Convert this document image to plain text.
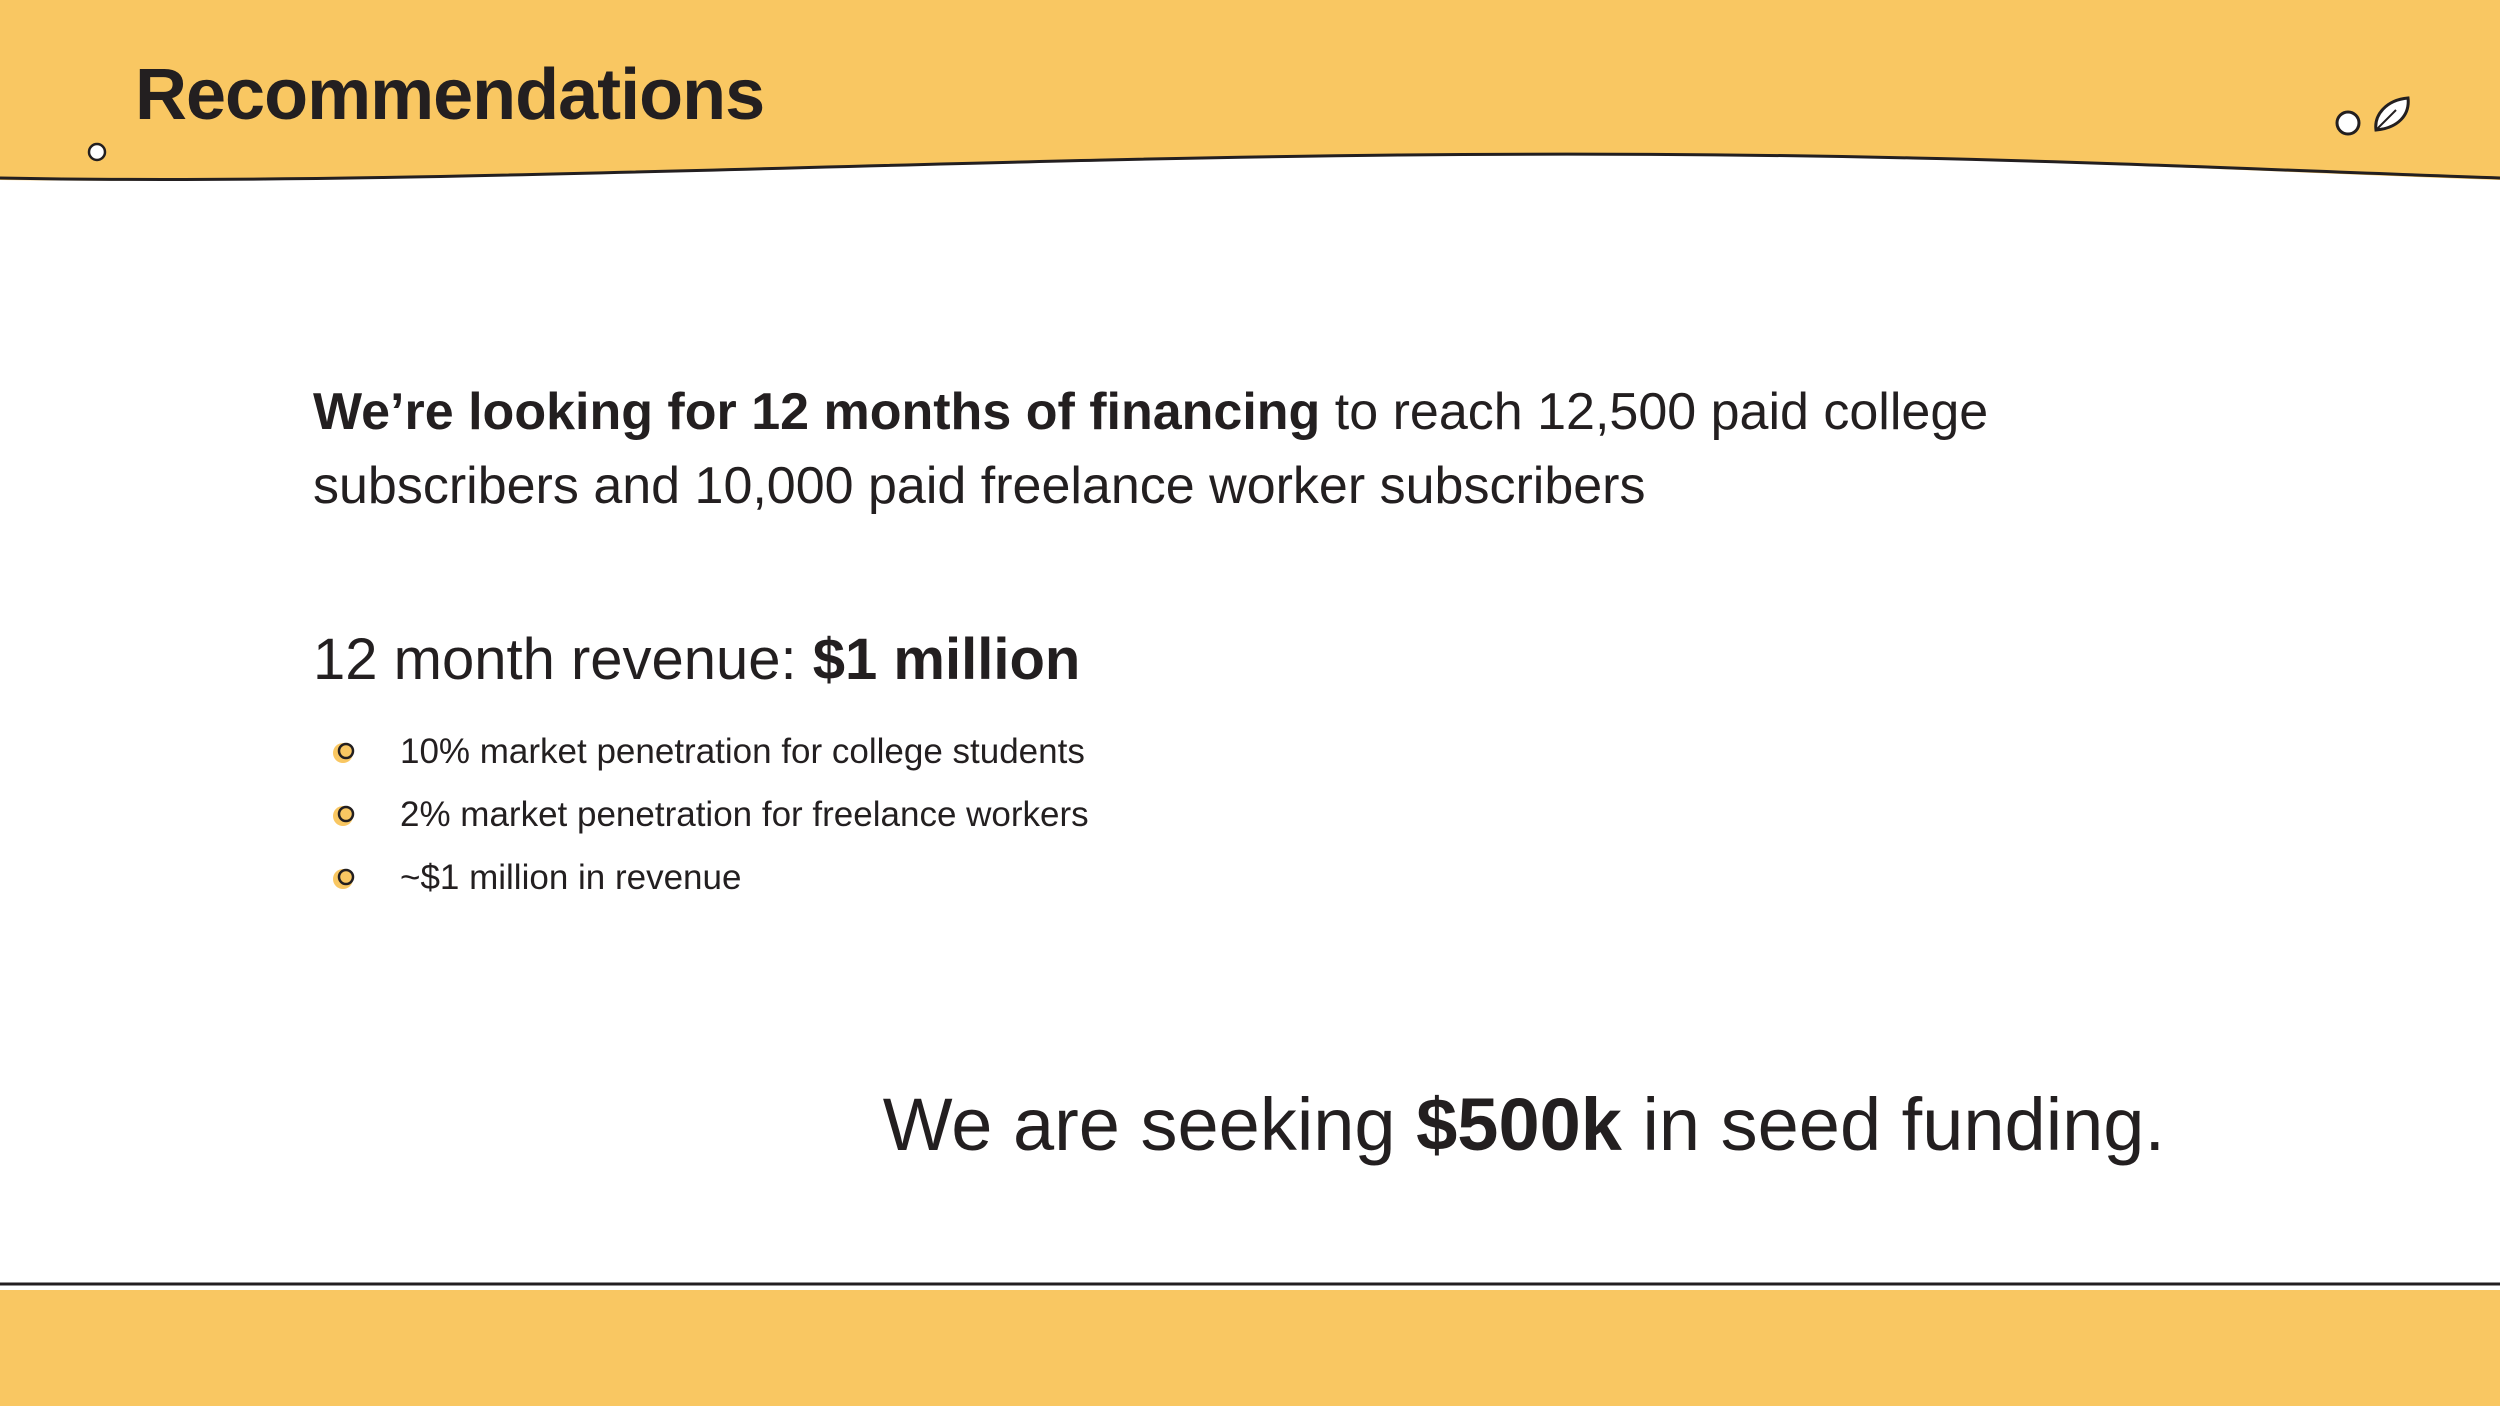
Recommendations

We’re looking for 12 months of financing to reach 12,500 paid college subscribers and 10,000 paid freelance worker subscribers

12 month revenue: $1 million

10% market penetration for college students
2% market penetration for freelance workers
~$1 million in revenue

We are seeking $500k in seed funding.
